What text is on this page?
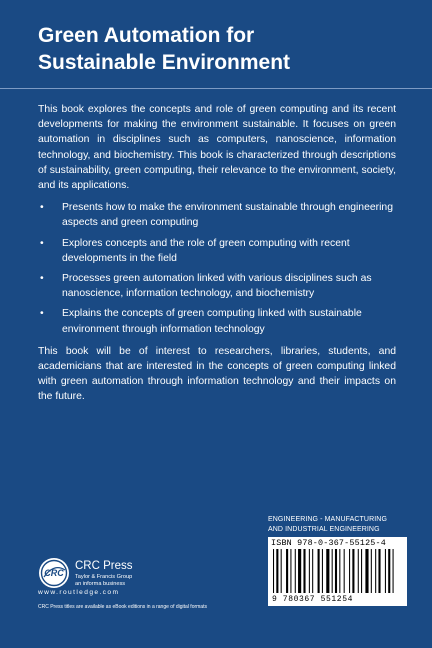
Green Automation for
Sustainable Environment

This book explores the concepts and role of green computing and its recent developments for making the environment sustainable. It focuses on green automation in disciplines such as computers, nanoscience, information technology, and biochemistry. This book is characterized through descriptions of sustainability, green computing, their relevance to the environment, society, and its applications.

• Presents how to make the environment sustainable through engineering aspects and green computing
• Explores concepts and the role of green computing with recent developments in the field
• Processes green automation linked with various disciplines such as nanoscience, information technology, and biochemistry
• Explains the concepts of green computing linked with sustainable environment through information technology

This book will be of interest to researchers, libraries, students, and academicians that are interested in the concepts of green computing linked with green automation through information technology and their impacts on the future.

ENGINEERING - MANUFACTURING
AND INDUSTRIAL ENGINEERING
ISBN 978-0-367-55125-4
9 780367 551254
CRC
CRC Press
Taylor & Francis Group
an informa business
www.routledge.com
CRC Press titles are available as eBook editions in a range of digital formats
